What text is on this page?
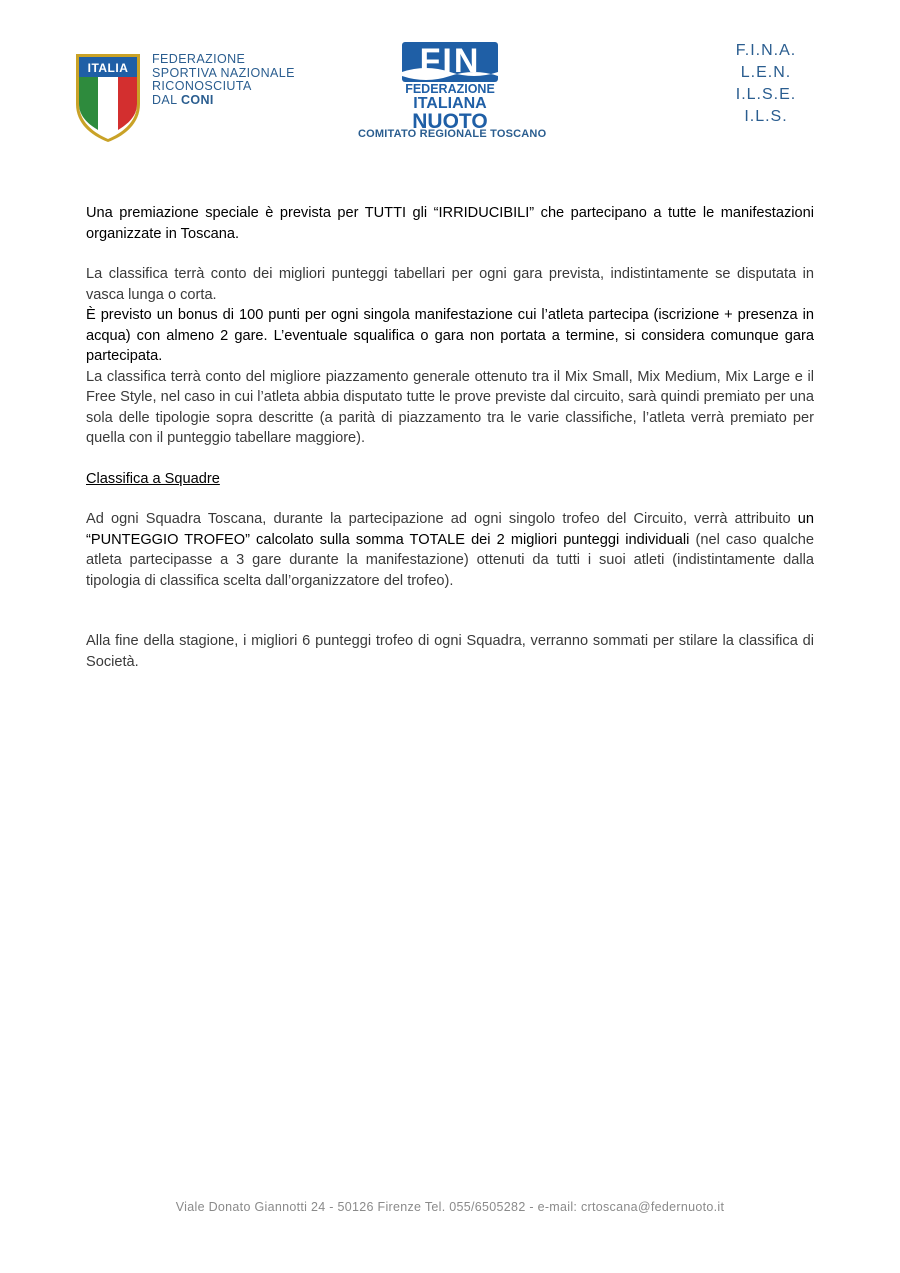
ITALIA
FEDERAZIONE
SPORTIVA NAZIONALE
RICONOSCIUTA
DAL CONI
FIN
FEDERAZIONE
ITALIANA
NUOTO
COMITATO REGIONALE TOSCANO
F.I.N.A.
L.E.N.
I.L.S.E.
I.L.S.

Una premiazione speciale è prevista per TUTTI gli “IRRIDUCIBILI” che partecipano a tutte le manifestazioni organizzate in Toscana.

La classifica terrà conto dei migliori punteggi tabellari per ogni gara prevista, indistintamente se disputata in vasca lunga o corta.

È previsto un bonus di 100 punti per ogni singola manifestazione cui l’atleta partecipa (iscrizione + presenza in acqua) con almeno 2 gare. L’eventuale squalifica o gara non portata a termine, si considera comunque gara partecipata.

La classifica terrà conto del migliore piazzamento generale ottenuto tra il Mix Small, Mix Medium, Mix Large e il Free Style, nel caso in cui l’atleta abbia disputato tutte le prove previste dal circuito, sarà quindi premiato per una sola delle tipologie sopra descritte (a parità di piazzamento tra le varie classifiche, l’atleta verrà premiato per quella con il punteggio tabellare maggiore).

Classifica a Squadre

Ad ogni Squadra Toscana, durante la partecipazione ad ogni singolo trofeo del Circuito, verrà attribuito un “PUNTEGGIO TROFEO” calcolato sulla somma TOTALE dei 2 migliori punteggi individuali (nel caso qualche atleta partecipasse a 3 gare durante la manifestazione) ottenuti da tutti i suoi atleti (indistintamente dalla tipologia di classifica scelta dall’organizzatore del trofeo).

Alla fine della stagione, i migliori 6 punteggi trofeo di ogni Squadra, verranno sommati per stilare la classifica di Società.

Viale Donato Giannotti 24 - 50126 Firenze Tel. 055/6505282 - e-mail: crtoscana@federnuoto.it
